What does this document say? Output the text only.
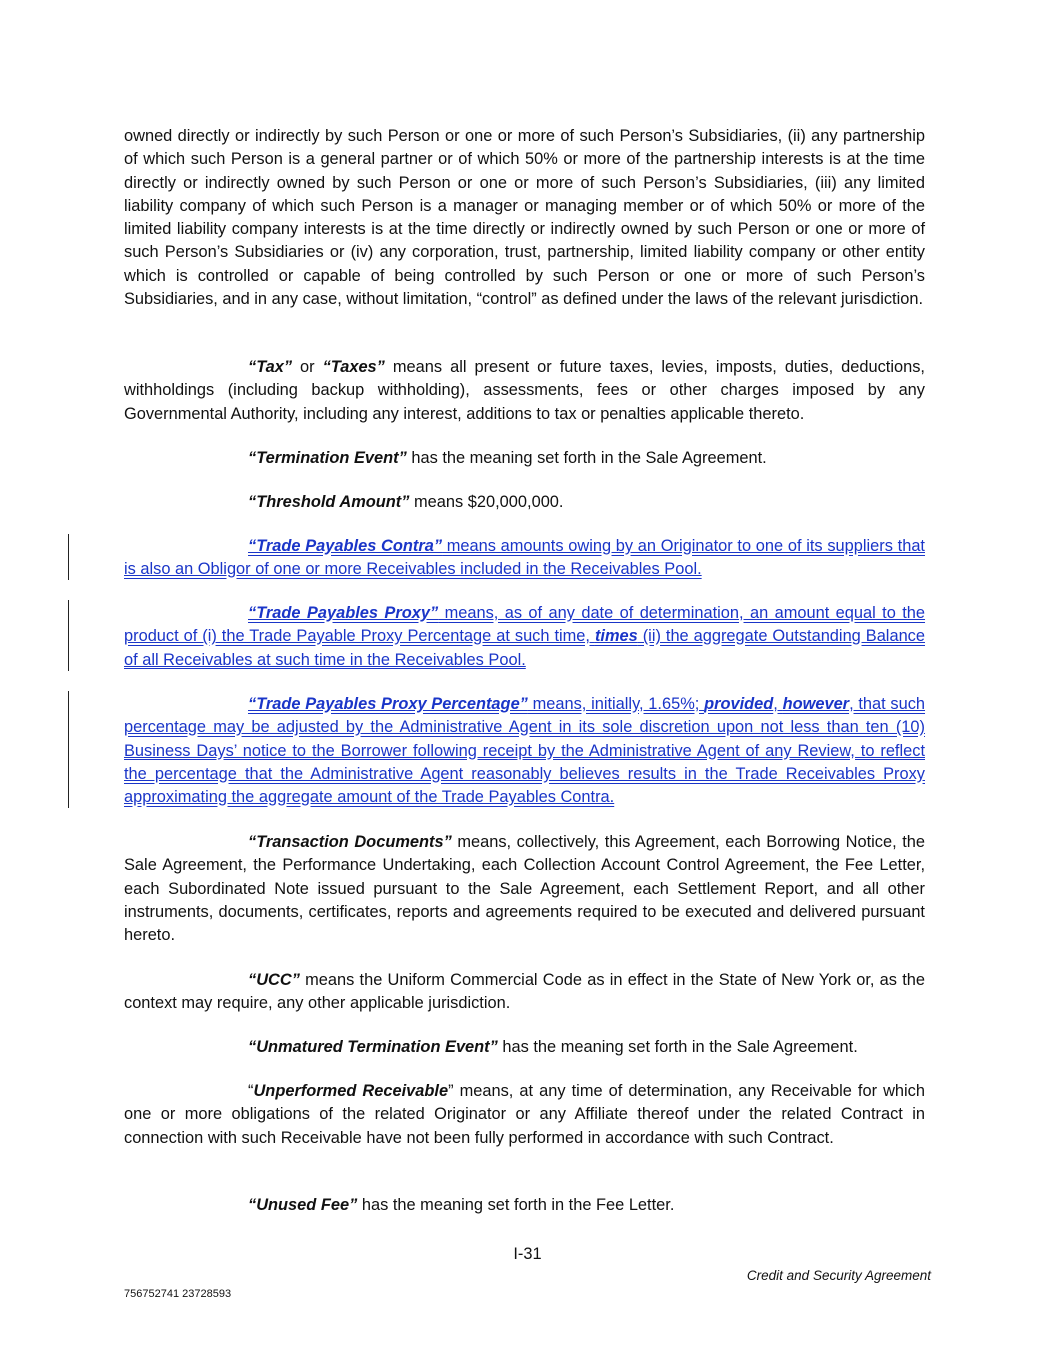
owned directly or indirectly by such Person or one or more of such Person’s Subsidiaries, (ii) any partnership of which such Person is a general partner or of which 50% or more of the partnership interests is at the time directly or indirectly owned by such Person or one or more of such Person’s Subsidiaries, (iii) any limited liability company of which such Person is a manager or managing member or of which 50% or more of the limited liability company interests is at the time directly or indirectly owned by such Person or one or more of such Person’s Subsidiaries or (iv) any corporation, trust, partnership, limited liability company or other entity which is controlled or capable of being controlled by such Person or one or more of such Person’s Subsidiaries, and in any case, without limitation, “control” as defined under the laws of the relevant jurisdiction.
“Tax” or “Taxes” means all present or future taxes, levies, imposts, duties, deductions, withholdings (including backup withholding), assessments, fees or other charges imposed by any Governmental Authority, including any interest, additions to tax or penalties applicable thereto.
“Termination Event” has the meaning set forth in the Sale Agreement.
“Threshold Amount” means $20,000,000.
“Trade Payables Contra” means amounts owing by an Originator to one of its suppliers that is also an Obligor of one or more Receivables included in the Receivables Pool.
“Trade Payables Proxy” means, as of any date of determination, an amount equal to the product of (i) the Trade Payable Proxy Percentage at such time, times (ii) the aggregate Outstanding Balance of all Receivables at such time in the Receivables Pool.
“Trade Payables Proxy Percentage” means, initially, 1.65%; provided, however, that such percentage may be adjusted by the Administrative Agent in its sole discretion upon not less than ten (10) Business Days’ notice to the Borrower following receipt by the Administrative Agent of any Review, to reflect the percentage that the Administrative Agent reasonably believes results in the Trade Receivables Proxy approximating the aggregate amount of the Trade Payables Contra.
“Transaction Documents” means, collectively, this Agreement, each Borrowing Notice, the Sale Agreement, the Performance Undertaking, each Collection Account Control Agreement, the Fee Letter, each Subordinated Note issued pursuant to the Sale Agreement, each Settlement Report, and all other instruments, documents, certificates, reports and agreements required to be executed and delivered pursuant hereto.
“UCC” means the Uniform Commercial Code as in effect in the State of New York or, as the context may require, any other applicable jurisdiction.
“Unmatured Termination Event” has the meaning set forth in the Sale Agreement.
“Unperformed Receivable” means, at any time of determination, any Receivable for which one or more obligations of the related Originator or any Affiliate thereof under the related Contract in connection with such Receivable have not been fully performed in accordance with such Contract.
“Unused Fee” has the meaning set forth in the Fee Letter.
I-31
Credit and Security Agreement
756752741 23728593
